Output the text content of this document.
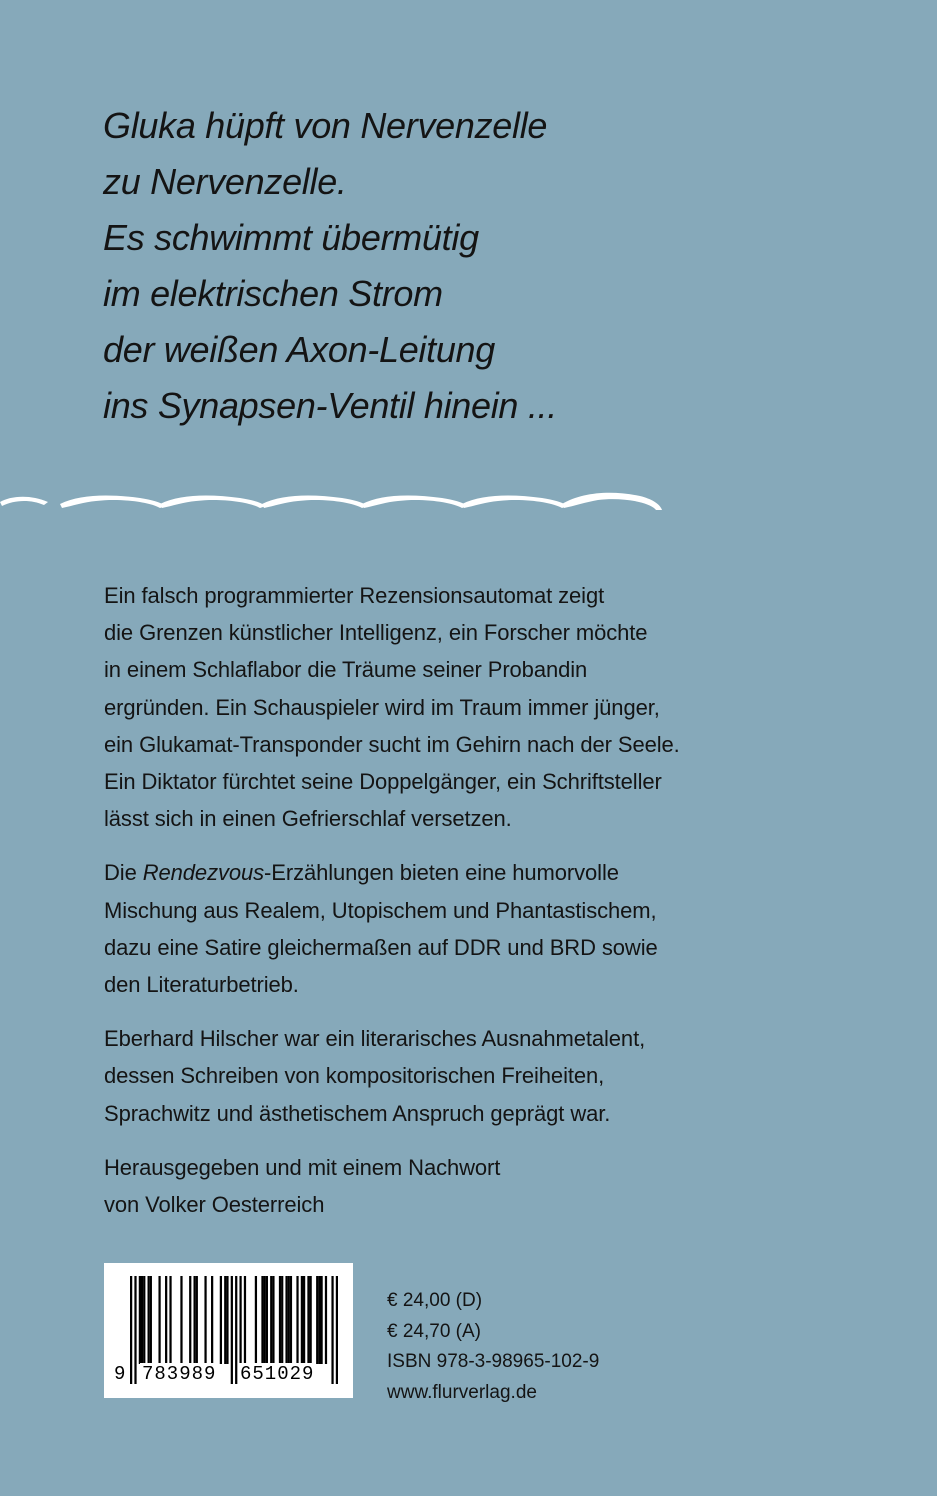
Gluka hüpft von Nervenzelle
zu Nervenzelle.
Es schwimmt übermütig
im elektrischen Strom
der weißen Axon-Leitung
ins Synapsen-Ventil hinein ...
Ein falsch programmierter Rezensionsautomat zeigt
die Grenzen künstlicher Intelligenz, ein Forscher möchte
in einem Schlaflabor die Träume seiner Probandin
ergründen. Ein Schauspieler wird im Traum immer jünger,
ein Glukamat-Transponder sucht im Gehirn nach der Seele.
Ein Diktator fürchtet seine Doppelgänger, ein Schriftsteller
lässt sich in einen Gefrierschlaf versetzen.
Die Rendezvous-Erzählungen bieten eine humorvolle
Mischung aus Realem, Utopischem und Phantastischem,
dazu eine Satire gleichermaßen auf DDR und BRD sowie
den Literaturbetrieb.
Eberhard Hilscher war ein literarisches Ausnahmetalent,
dessen Schreiben von kompositorischen Freiheiten,
Sprachwitz und ästhetischem Anspruch geprägt war.
Herausgegeben und mit einem Nachwort
von Volker Oesterreich
9 783989 651029
€ 24,00 (D)
€ 24,70 (A)
ISBN 978-3-98965-102-9
www.flurverlag.de
